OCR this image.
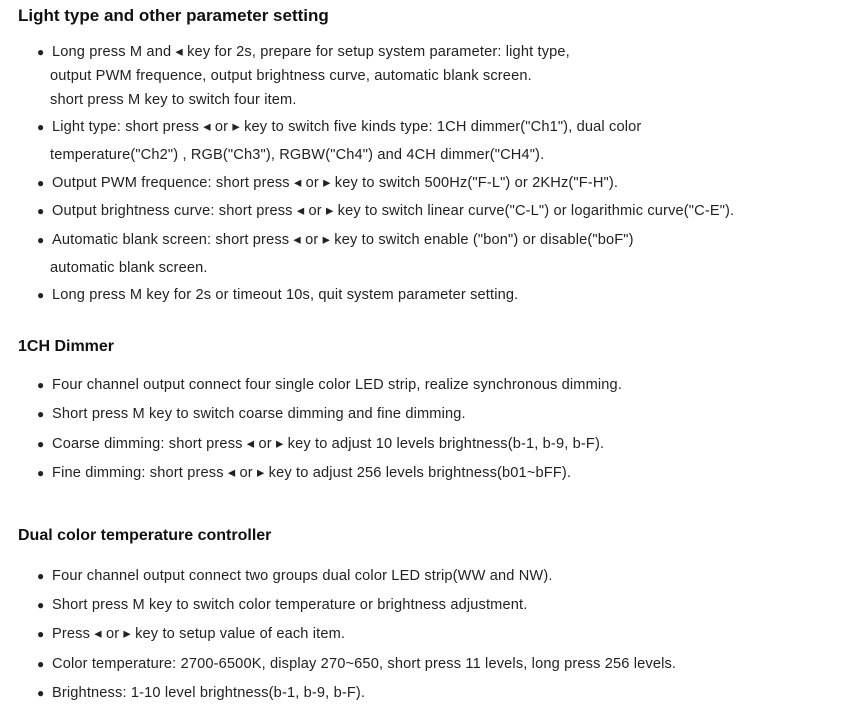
Light type and other parameter setting
● Long press M and ◂ key for 2s, prepare for setup system parameter: light type,
output PWM frequence, output brightness curve, automatic blank screen.
short press M key to switch four item.
● Light type: short press ◂ or ▸ key to switch five kinds type: 1CH dimmer("Ch1"), dual color
temperature("Ch2") , RGB("Ch3"), RGBW("Ch4") and 4CH dimmer("CH4").
● Output PWM frequence: short press ◂ or ▸ key to switch 500Hz("F-L") or 2KHz("F-H").
● Output brightness curve: short press ◂ or ▸ key to switch linear curve("C-L") or logarithmic curve("C-E").
● Automatic blank screen: short press ◂ or ▸ key to switch enable ("bon") or disable("boF")
automatic blank screen.
● Long press M key for 2s or timeout 10s, quit system parameter setting.
1CH Dimmer
● Four channel output connect four single color LED strip, realize synchronous dimming.
● Short press M key to switch coarse dimming and fine dimming.
● Coarse dimming: short press ◂ or ▸ key to adjust 10 levels brightness(b-1, b-9, b-F).
● Fine dimming: short press ◂ or ▸ key to adjust 256 levels brightness(b01~bFF).
Dual color temperature controller
● Four channel output connect two groups dual color LED strip(WW and NW).
● Short press M key to switch color temperature or brightness adjustment.
● Press ◂ or ▸ key to setup value of each item.
● Color temperature: 2700-6500K, display 270~650, short press 11 levels, long press 256 levels.
● Brightness: 1-10 level brightness(b-1, b-9, b-F).
